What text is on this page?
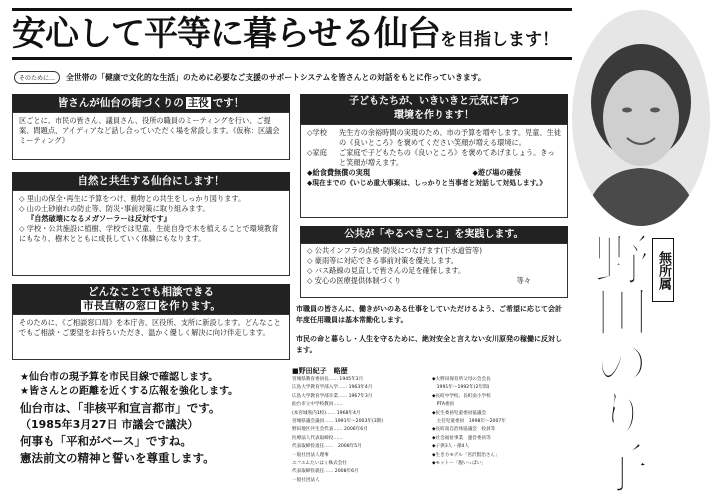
安心して平等に暮らせる仙台 を目指します！
そのために…	全世帯の「健康で文化的な生活」のために必要なご支援のサポートシステムを皆さんとの対話をもとに作っていきます。
皆さんが仙台の街づくりの 主役 です！
区ごとに、市民の皆さん、議員さん、役所の職員のミーティングを行い、ご提案、問題点、アイディアなど話し合っていただく場を常設します。《仮称：区議会ミーティング》
自然と共生する仙台にします！
◇ 里山の保全･再生に予算をつけ、動物との共生をしっかり図ります。
◇ 山の土砂崩れの防止等、防災･事前対策に取り組みます。
『自然破壊になるメガソーラーは反対です』
◇ 学校・公共施設に植樹、学校では児童、生徒自身で木を植えることで環境教育にもなり、樹木とともに成長していく体験にもなります。
どんなことでも相談できる
市長直轄の窓口 を作ります。
そのために、《ご相談窓口局》を本庁舎、区役所、支所に新設します。どんなことでもご相談・ご要望をお持ちいただき、温かく優しく解決に向け伴走します。
子どもたちが、いきいきと元気に育つ
環境を作ります！
◇学校	先生方の余裕時間の実現のため、市の予算を増やします。児童、生徒の《良いところ》を褒めてください笑顔が増える環境に。
◇家庭	ご家庭で子どもたちの《良いところ》を褒めてあげましょう。きっと笑顔が増えます。
◆給食費無償の実現	◆遊び場の確保
◆現在までの《いじめ重大事案は、しっかりと当事者と対話して対処します。》
公共が「やるべきこと」を実践します。
◇ 公共インフラの点検･防災につなげます(下水道管等)
◇ 豪雨等に対応できる事前対策を優先します。
◇ バス路線の見直しで皆さんの足を確保します。
◇ 安心の医療提供体制づくり	等々	無所属
野田のり子
市職員の皆さんに、働きがいのある仕事をしていただけるよう、ご希望に応じて会計年度任用職員は基本常勤化します。
市民の命と暮らし・人生を守るために、絶対安全と言えない女川原発の稼働に反対します。
★仙台市の現予算を市民目線で確認します。
★皆さんとの距離を近くする広報を強化します。
仙台市は、「非核平和宣言都市」です。
（1985年3月27日 市議会で議決）
何事も「平和がベース」ですね。
憲法前文の精神と誓いを尊重します。
■野田紀子　略歴
宮城県教育委員長…… 1945年3月
広島大学教育学部入学…… 1963年4月
広島大学教育学部卒業…… 1967年3月
仙台市立中学校教員……
(本宮城県内1校)…… 1968年4月
宮城県議会議員…… 1991年〜2003年(3期)
野田地区共生会代表…… 2006年6月
医療法人代表取締役……
代表取締役退任……　2008年5月
一般社団法人理事
エフエムたいはく株式会社
代表取締役就任…… 2008年6月
一般社団法人
◆大野田保育所父母の会会長
　1991年〜1992年(2年間)
◆長町中学校、長町南小学校
　PTA委員
◆民生委員児童委員協議会
　主任児童委員　1998年〜2007年
◆長町南自治体協議会　役員等
◆社会福祉事業　運営委員等
◆子供3人・孫4人
◆生き方モデル「宮沢賢治さん」
◆モットー「腹いっぱい」
